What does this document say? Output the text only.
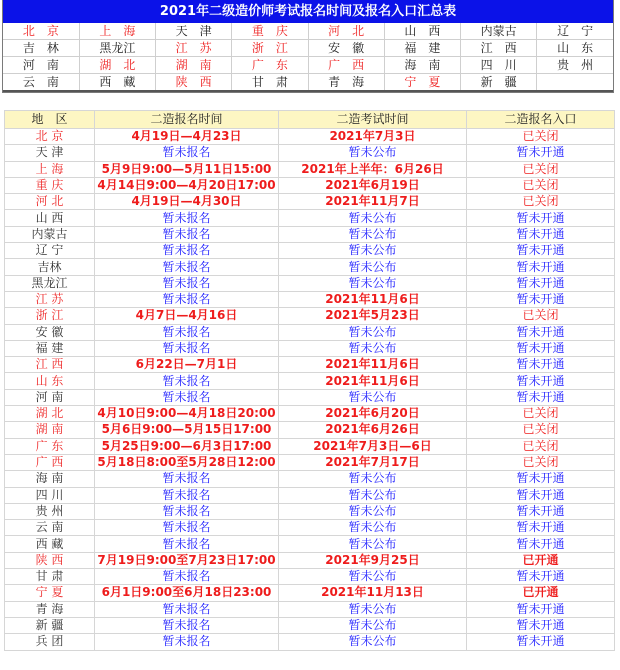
2021年二级造价师考试报名时间及报名入口汇总表
北　京	上　海	天　津	重　庆	河　北	山　西	内蒙古	辽　宁
吉　林	黑龙江	江　苏	浙　江	安　徽	福　建	江　西	山　东
河　南	湖　北	湖　南	广　东	广　西	海　南	四　川	贵　州
云　南	西　藏	陕　西	甘　肃	青　海	宁　夏	新　疆	
地　区	二造报名时间	二造考试时间	二造报名入口
北 京	4月19日—4月23日	2021年7月3日	已关闭
天 津	暂未报名	暂未公布	暂未开通
上 海	5月9日9:00—5月11日15:00	2021年上半年：6月26日	已关闭
重 庆	4月14日9:00—4月20日17:00	2021年6月19日	已关闭
河 北	4月19日—4月30日	2021年11月7日	已关闭
山 西	暂未报名	暂未公布	暂未开通
内蒙古	暂未报名	暂未公布	暂未开通
辽 宁	暂未报名	暂未公布	暂未开通
吉林	暂未报名	暂未公布	暂未开通
黑龙江	暂未报名	暂未公布	暂未开通
江 苏	暂未报名	2021年11月6日	暂未开通
浙 江	4月7日—4月16日	2021年5月23日	已关闭
安 徽	暂未报名	暂未公布	暂未开通
福 建	暂未报名	暂未公布	暂未开通
江 西	6月22日—7月1日	2021年11月6日	暂未开通
山 东	暂未报名	2021年11月6日	暂未开通
河 南	暂未报名	暂未公布	暂未开通
湖 北	4月10日9:00—4月18日20:00	2021年6月20日	已关闭
湖 南	5月6日9:00—5月15日17:00	2021年6月26日	已关闭
广 东	5月25日9:00—6月3日17:00	2021年7月3日—6日	已关闭
广 西	5月18日8:00至5月28日12:00	2021年7月17日	已关闭
海 南	暂未报名	暂未公布	暂未开通
四 川	暂未报名	暂未公布	暂未开通
贵 州	暂未报名	暂未公布	暂未开通
云 南	暂未报名	暂未公布	暂未开通
西 藏	暂未报名	暂未公布	暂未开通
陕 西	7月19日9:00至7月23日17:00	2021年9月25日	已开通
甘 肃	暂未报名	暂未公布	暂未开通
宁 夏	6月1日9:00至6月18日23:00	2021年11月13日	已开通
青 海	暂未报名	暂未公布	暂未开通
新 疆	暂未报名	暂未公布	暂未开通
兵 团	暂未报名	暂未公布	暂未开通
